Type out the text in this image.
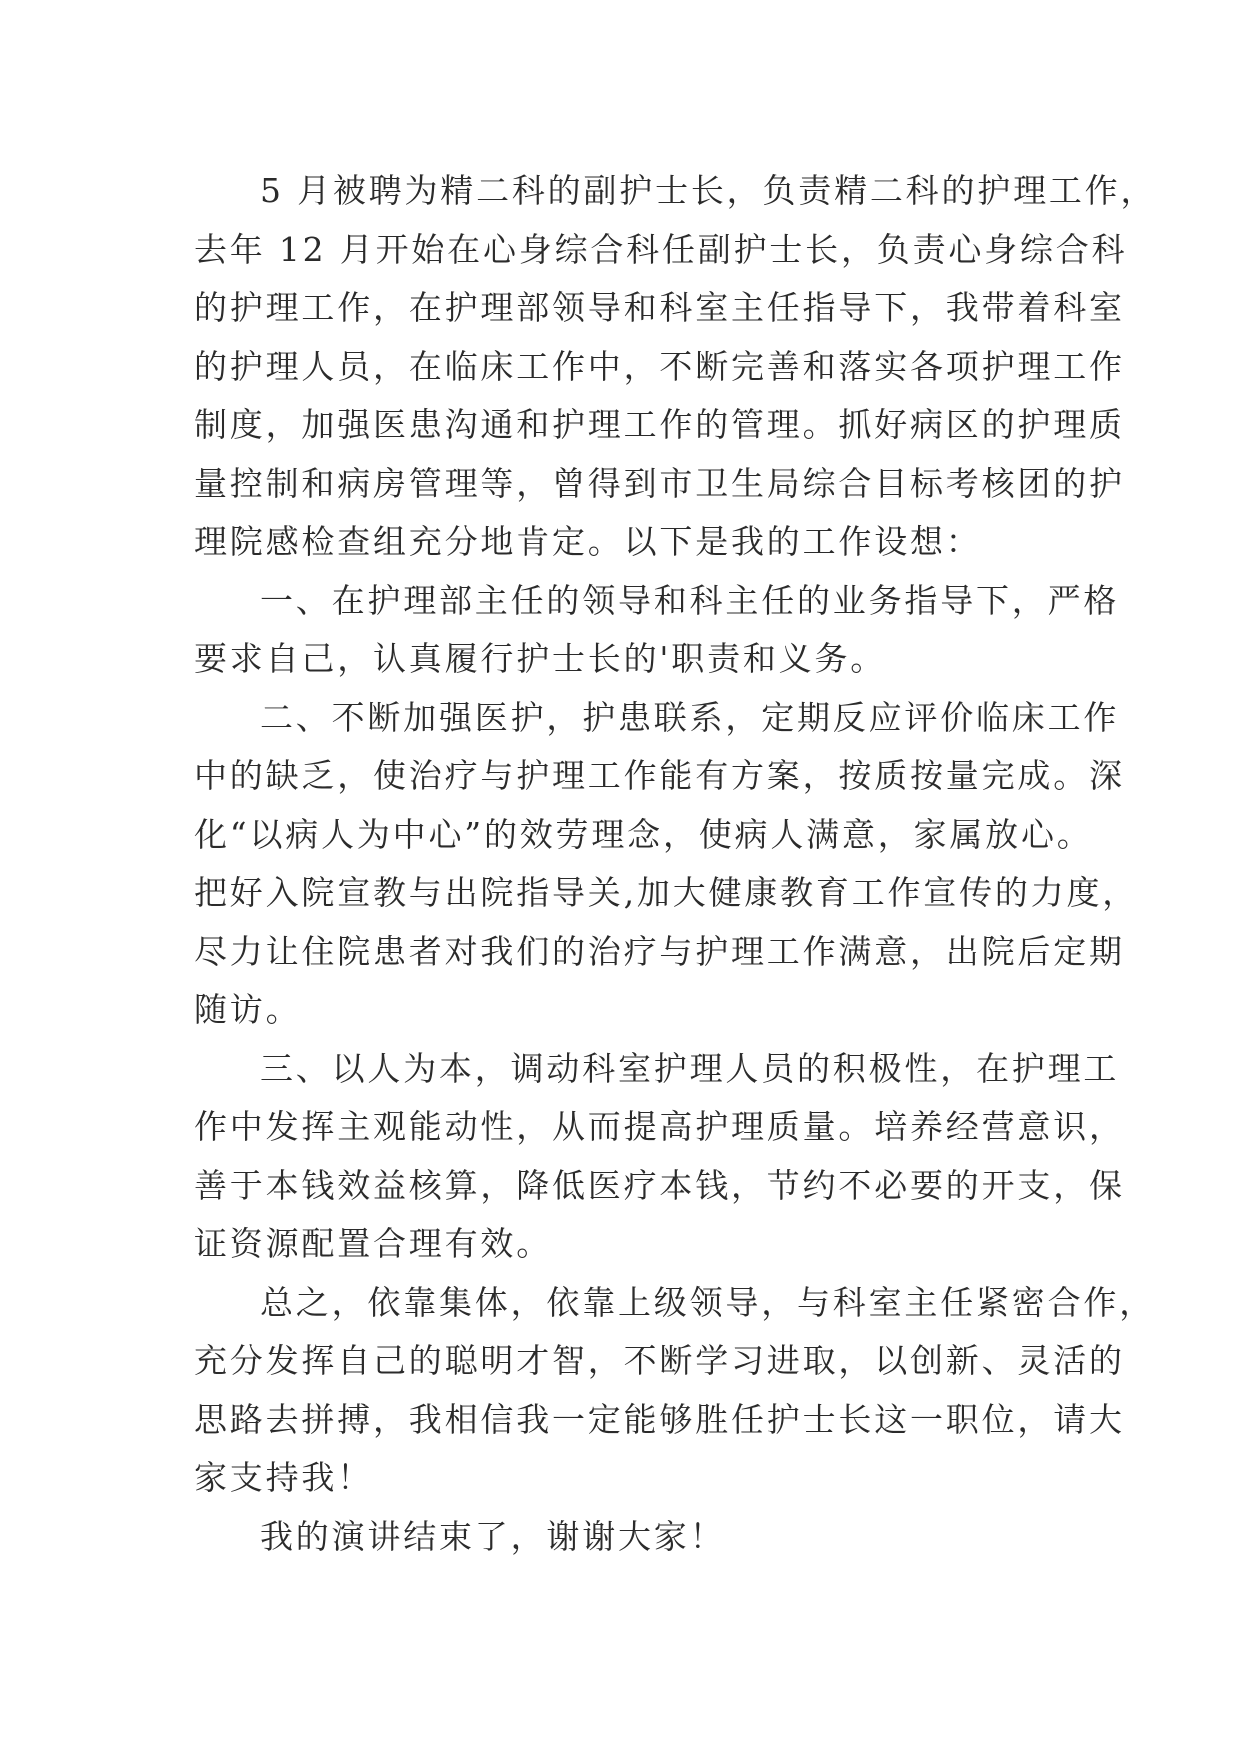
5 月被聘为精二科的副护士长，负责精二科的护理工作，
去年 12 月开始在心身综合科任副护士长，负责心身综合科
的护理工作，在护理部领导和科室主任指导下，我带着科室
的护理人员，在临床工作中，不断完善和落实各项护理工作
制度，加强医患沟通和护理工作的管理。抓好病区的护理质
量控制和病房管理等，曾得到市卫生局综合目标考核团的护
理院感检查组充分地肯定。以下是我的工作设想：
一、在护理部主任的领导和科主任的业务指导下，严格
要求自己，认真履行护士长的'职责和义务。
二、不断加强医护，护患联系，定期反应评价临床工作
中的缺乏，使治疗与护理工作能有方案，按质按量完成。深
化“以病人为中心”的效劳理念，使病人满意，家属放心。
把好入院宣教与出院指导关,加大健康教育工作宣传的力度，
尽力让住院患者对我们的治疗与护理工作满意，出院后定期
随访。
三、以人为本，调动科室护理人员的积极性，在护理工
作中发挥主观能动性，从而提高护理质量。培养经营意识，
善于本钱效益核算，降低医疗本钱，节约不必要的开支，保
证资源配置合理有效。
总之，依靠集体，依靠上级领导，与科室主任紧密合作，
充分发挥自己的聪明才智，不断学习进取，以创新、灵活的
思路去拼搏，我相信我一定能够胜任护士长这一职位，请大
家支持我！
我的演讲结束了，谢谢大家！
